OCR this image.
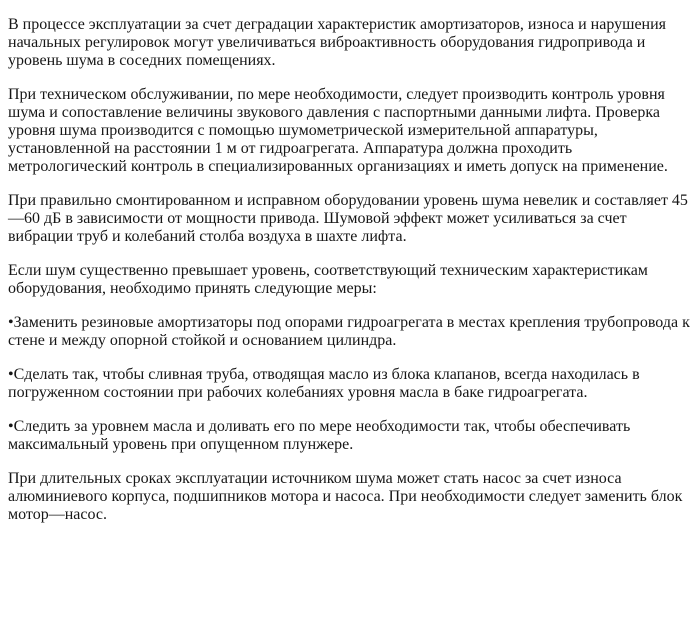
В процессе эксплуатации за счет деградации характеристик амортизаторов, износа и нарушения начальных регулировок могут увеличиваться виброактивность оборудования гидропривода и уровень шума в соседних помещениях.

При техническом обслуживании, по мере необходимости, следует производить контроль уровня шума и сопоставление величины звукового давления с паспортными данными лифта. Проверка уровня шума производится с помощью шумометрической измерительной аппаратуры, установленной на расстоянии 1 м от гидроагрегата. Аппаратура должна проходить метрологический контроль в специализированных организациях и иметь допуск на применение.

При правильно смонтированном и исправном оборудовании уровень шума невелик и составляет 45—60 дБ в зависимости от мощности привода. Шумовой эффект может усиливаться за счет вибрации труб и колебаний столба воздуха в шахте лифта.

Если шум существенно превышает уровень, соответствующий техническим характеристикам оборудования, необходимо принять следующие меры:

•Заменить резиновые амортизаторы под опорами гидроагрегата в местах крепления трубопровода к стене и между опорной стойкой и основанием цилиндра.

•Сделать так, чтобы сливная труба, отводящая масло из блока клапанов, всегда находилась в погруженном состоянии при рабочих колебаниях уровня масла в баке гидроагрегата.

•Следить за уровнем масла и доливать его по мере необходимости так, чтобы обеспечивать максимальный уровень при опущенном плунжере.

При длительных сроках эксплуатации источником шума может стать насос за счет износа алюминиевого корпуса, подшипников мотора и насоса. При необходимости следует заменить блок мотор—насос.
